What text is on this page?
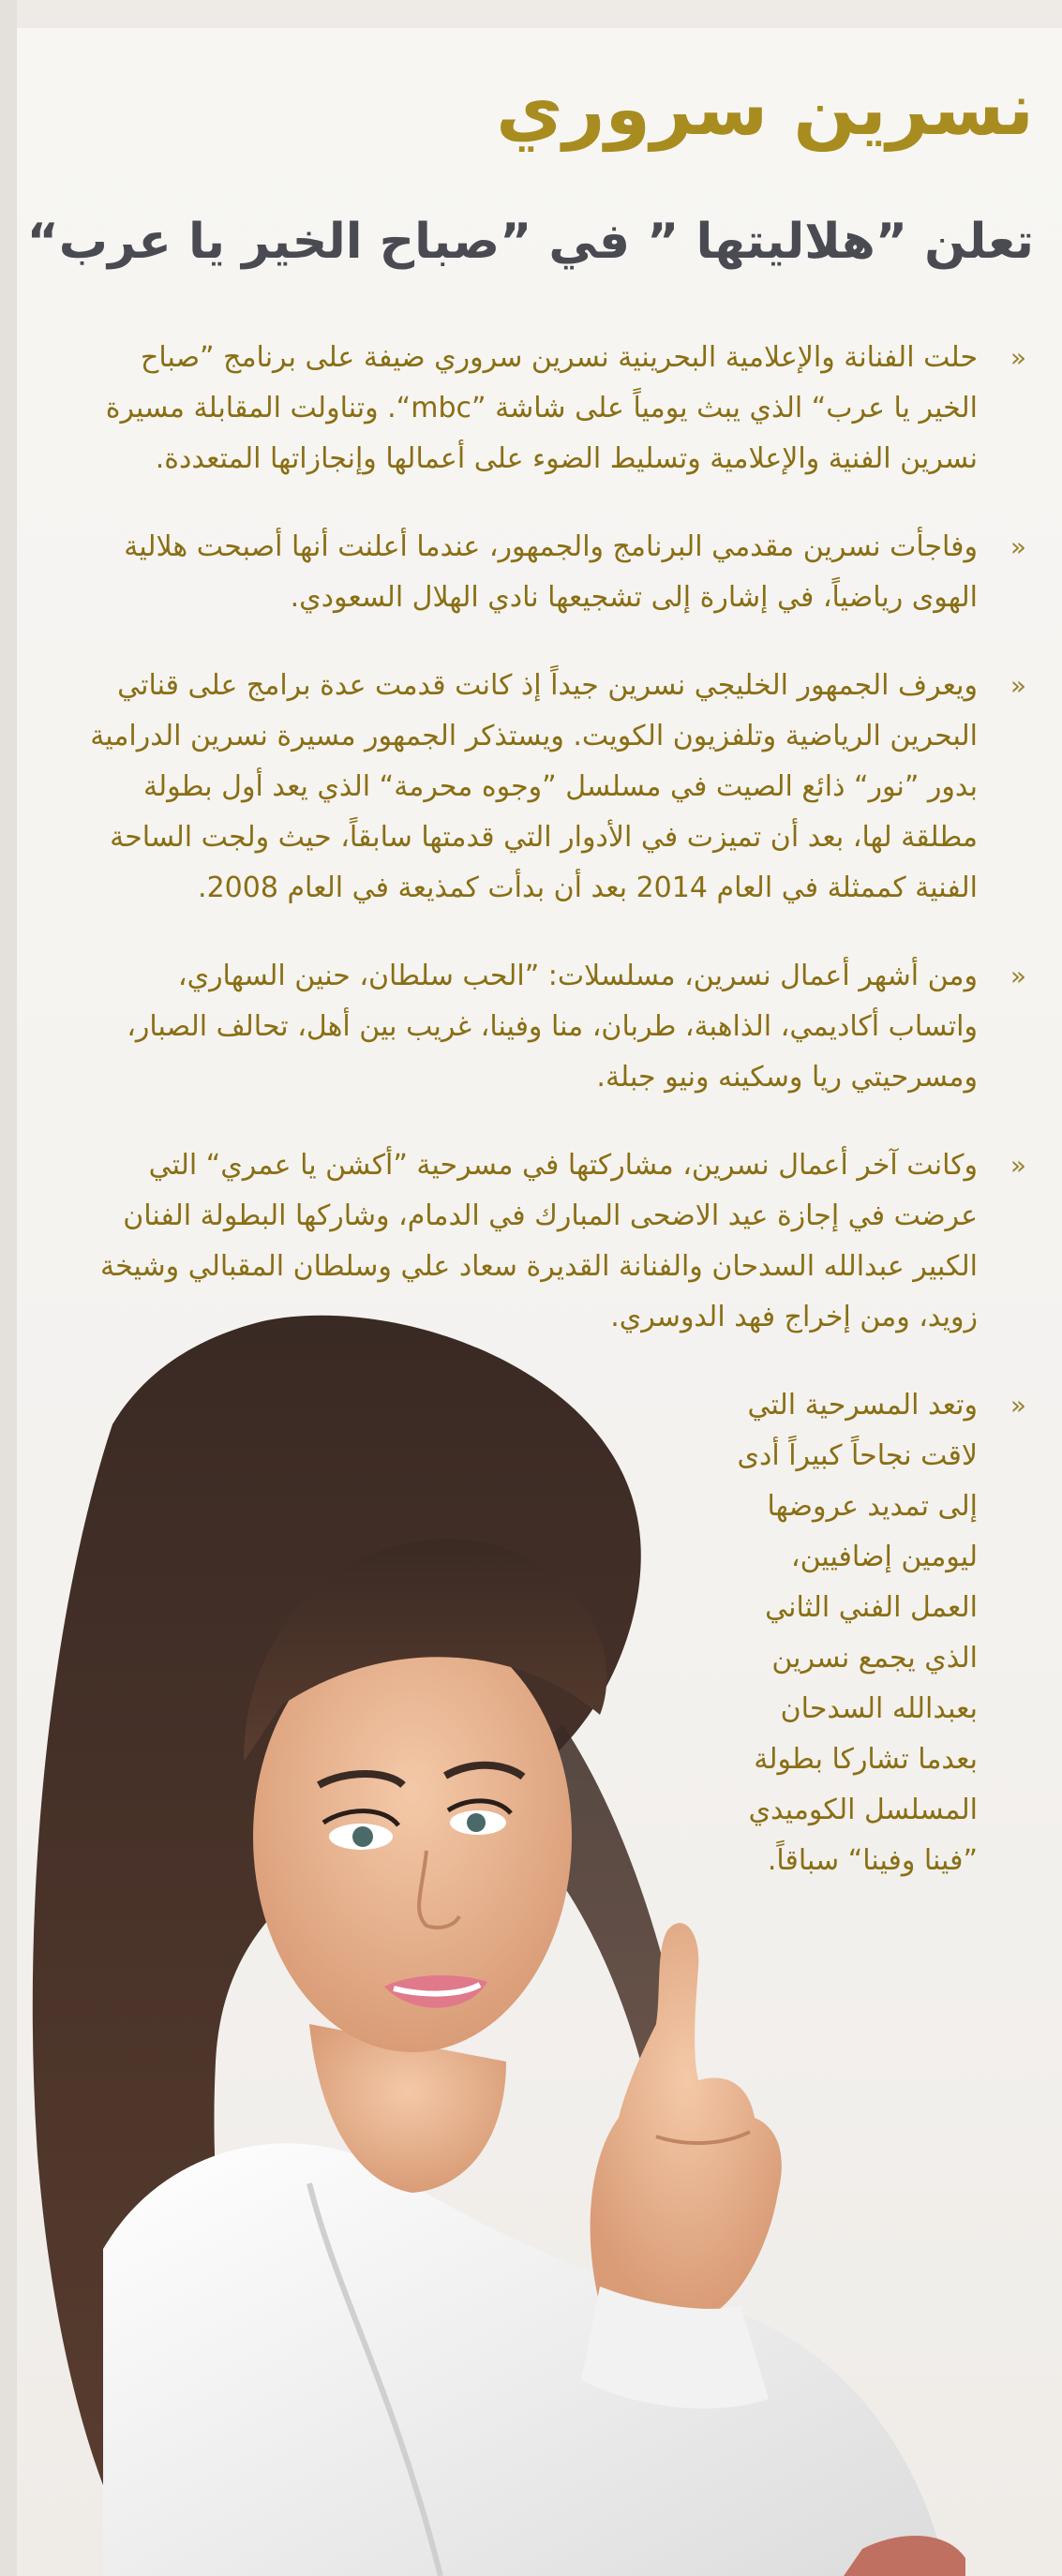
نسرين سروري
تعلن ”هلاليتها ” في ”صباح الخير يا عرب“
«
حلت الفنانة والإعلامية البحرينية نسرين سروري ضيفة على برنامج ”صباح الخير يا عرب“ الذي يبث يومياً على شاشة ”mbc“. وتناولت المقابلة مسيرة نسرين الفنية والإعلامية وتسليط الضوء على أعمالها وإنجازاتها المتعددة.
«
وفاجأت نسرين مقدمي البرنامج والجمهور، عندما أعلنت أنها أصبحت هلالية الهوى رياضياً، في إشارة إلى تشجيعها نادي الهلال السعودي.
«
ويعرف الجمهور الخليجي نسرين جيداً إذ كانت قدمت عدة برامج على قناتي البحرين الرياضية وتلفزيون الكويت. ويستذكر الجمهور مسيرة نسرين الدرامية بدور ”نور“ ذائع الصيت في مسلسل ”وجوه محرمة“ الذي يعد أول بطولة مطلقة لها، بعد أن تميزت في الأدوار التي قدمتها سابقاً، حيث ولجت الساحة الفنية كممثلة في العام 2014 بعد أن بدأت كمذيعة في العام 2008.
«
ومن أشهر أعمال نسرين، مسلسلات: ”الحب سلطان، حنين السهاري، واتساب أكاديمي، الذاهبة، طربان، منا وفينا، غريب بين أهل، تحالف الصبار، ومسرحيتي ريا وسكينه ونيو جبلة.
«
وكانت آخر أعمال نسرين، مشاركتها في مسرحية ”أكشن يا عمري“ التي عرضت في إجازة عيد الاضحى المبارك في الدمام، وشاركها البطولة الفنان الكبير عبدالله السدحان والفنانة القديرة سعاد علي وسلطان المقبالي وشيخة زويد، ومن إخراج فهد الدوسري.
«
وتعد المسرحية التي لاقت نجاحاً كبيراً أدى إلى تمديد عروضها ليومين إضافيين، العمل الفني الثاني الذي يجمع نسرين بعبدالله السدحان بعدما تشاركا بطولة المسلسل الكوميدي ”فينا وفينا“ سباقاً.
